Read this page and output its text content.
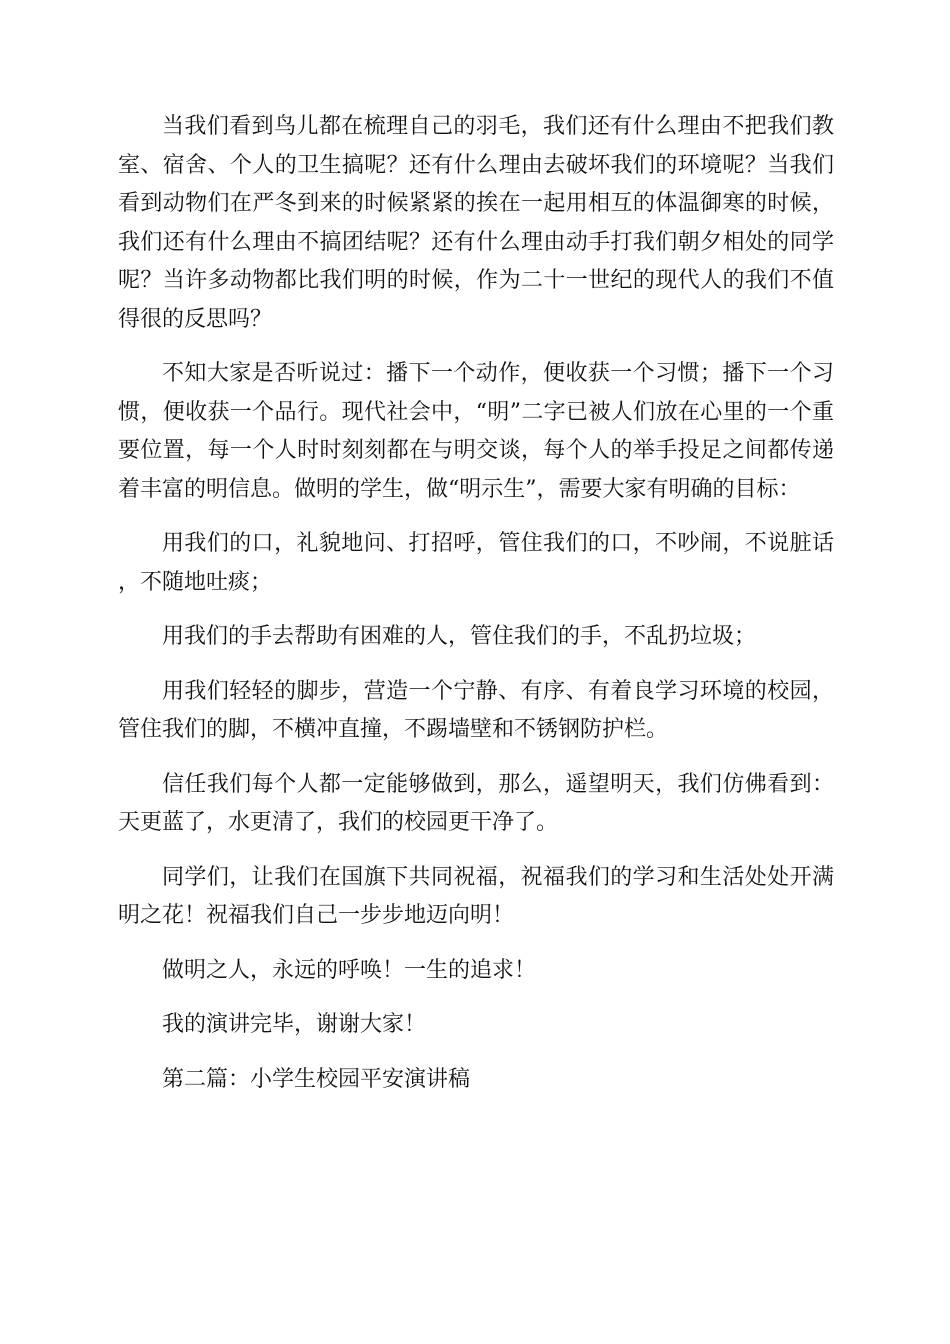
当我们看到鸟儿都在梳理自己的羽毛，我们还有什么理由不把我们教室、宿舍、个人的卫生搞呢？还有什么理由去破坏我们的环境呢？当我们看到动物们在严冬到来的时候紧紧的挨在一起用相互的体温御寒的时候，我们还有什么理由不搞团结呢？还有什么理由动手打我们朝夕相处的同学呢？当许多动物都比我们明的时候，作为二十一世纪的现代人的我们不值得很的反思吗？

不知大家是否听说过：播下一个动作，便收获一个习惯；播下一个习惯，便收获一个品行。现代社会中，“明”二字已被人们放在心里的一个重要位置，每一个人时时刻刻都在与明交谈，每个人的举手投足之间都传递着丰富的明信息。做明的学生，做“明示生”，需要大家有明确的目标：

用我们的口，礼貌地问、打招呼，管住我们的口，不吵闹，不说脏话，不随地吐痰；

用我们的手去帮助有困难的人，管住我们的手，不乱扔垃圾；

用我们轻轻的脚步，营造一个宁静、有序、有着良学习环境的校园，管住我们的脚，不横冲直撞，不踢墙壁和不锈钢防护栏。

信任我们每个人都一定能够做到，那么，遥望明天，我们仿佛看到：天更蓝了，水更清了，我们的校园更干净了。

同学们，让我们在国旗下共同祝福，祝福我们的学习和生活处处开满明之花！祝福我们自己一步步地迈向明！

做明之人，永远的呼唤！一生的追求！

我的演讲完毕，谢谢大家！

第二篇：小学生校园平安演讲稿
